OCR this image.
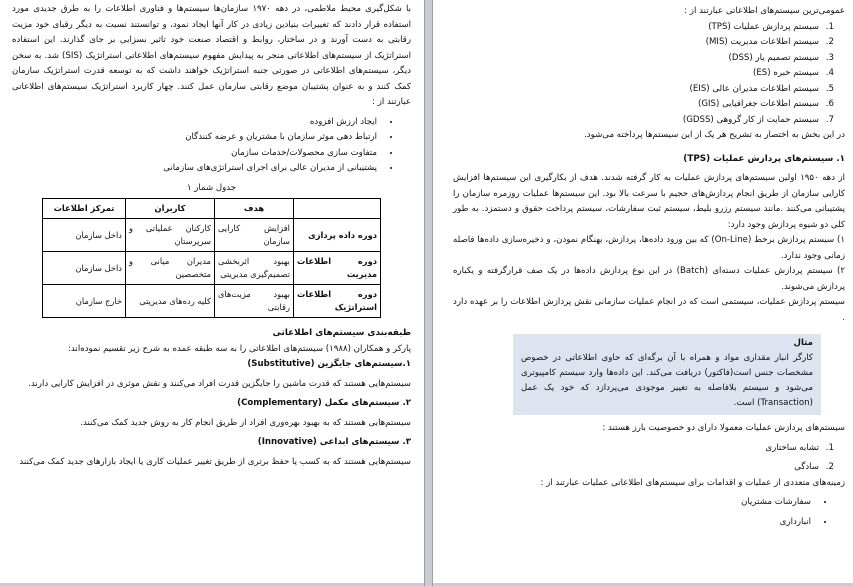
با شکل‌گیری محیط ملاطمی، در دهه ۱۹۷۰ سازمان‌ها سیستم‌ها و فناوری اطلاعات را به طرق جدیدی مورد استفاده قرار دادند که تغییرات بنیادین زیادی در کار آنها ایجاد نمود، و توانستند نسبت به دیگر رقبای خود مزیت رقابتی به دست آورند و در ساختار، روابط و اقتصاد صنعت خود تاثیر بسزایی بر جای گذارند. این استفاده استراتژیک از سیستم‌های اطلاعاتی منجر به پیدایش مفهوم سیستم‌های اطلاعاتی استراتژیک (SIS) شد. به سخن دیگر، سیستم‌های اطلاعاتی در صورتی جنبه استراتژیک خواهند داشت که به توسعه قدرت استراتژیک سازمان کمک کنند و به عنوان پشتیبان موضع رقابتی سازمان عمل کنند. چهار کاربرد استراتژیک سیستم‌های اطلاعاتی عبارتند از :

• ایجاد ارزش افزوده
• ارتباط دهی موثر سازمان با مشتریان و عرضه کنندگان
• متفاوت سازی محصولات/خدمات سازمان
• پشتیبانی از مدیران عالی برای اجرای استراتژی‌های سازمانی

جدول شمار ۱

	هدف	کاربران	تمرکز اطلاعات
دوره داده پردازی	افزایش کارایی سازمان	کارکنان عملیاتی و سرپرستان	داخل سازمان
دوره اطلاعات مدیریت	بهبود اثربخشی تصمیم‌گیری مدیریتی	مدیران میانی و متخصصین	داخل سازمان
دوره اطلاعات استراتژیک	بهبود مزیت‌های رقابتی	کلیه رده‌های مدیریتی	خارج سازمان

طبقه‌بندی سیستم‌های اطلاعاتی

پارکر و همکاران (۱۹۸۸) سیستم‌های اطلاعاتی را به سه طبقه عمده به شرح زیر تقسیم نموده‌اند:

۱.سیستم‌های جایگزین (Substitutive)

سیستم‌هایی هستند که قدرت ماشین را جایگزین قدرت افراد می‌کنند و نقش موثری در افزایش کارایی دارند.

۲. سیستم‌های مکمل (Complementary)

سیستم‌هایی هستند که به بهبود بهره‌وری افراد از طریق انجام کار به روش جدید کمک می‌کنند.

۳. سیستم‌های ابداعی (Innovative)

سیستم‌هایی هستند که به کسب یا حفظ برتری از طریق تغییر عملیات کاری یا ایجاد بازارهای جدید کمک می‌کنند

عمومی‌ترین سیستم‌های اطلاعاتی عبارتند از :

1. سیستم پردازش عملیات (TPS)
2. سیستم اطلاعات مدیریت (MIS)
3. سیستم تصمیم یار (DSS)
4. سیستم خبره (ES)
5. سیستم اطلاعات مدیران عالی (EIS)
6. سیستم اطلاعات جغرافیایی (GIS)
7. سیستم حمایت از کار گروهی (GDSS)

در این بخش به اختصار به تشریح هر یک از این سیستم‌ها پرداخته می‌شود.

۱. سیستم‌های پردازش عملیات (TPS)

از دهه ۱۹۵۰ اولین سیستم‌های پردازش عملیات به کار گرفته شدند. هدف از بکارگیری این سیستم‌ها افزایش کارایی سازمان از طریق انجام پردازش‌های حجیم با سرعت بالا بود. این سیستم‌ها عملیات روزمره سازمان را پشتیبانی می‌کنند .مانند سیستم رزرو بلیط، سیستم ثبت سفارشات، سیستم پرداخت حقوق و دستمزد. به طور کلی دو شیوه پردازش وجود دارد:

۱) سیستم پردازش برخط (On-Line) که بین ورود داده‌ها، پردازش، بهنگام نمودن، و ذخیره‌سازی داده‌ها فاصله زمانی وجود ندارد.

۲) سیستم پردازش عملیات دسته‌ای (Batch) در این نوع پردازش داده‌ها در یک صف قرارگرفته و یکباره پردازش می‌شوند.

سیستم پردازش عملیات، سیستمی است که در انجام عملیات سازمانی نقش پردازش اطلاعات را بر عهده دارد .

مثال

کارگر انبار مقداری مواد و همراه با آن برگه‌ای که حاوی اطلاعاتی در خصوص مشخصات جنس است(فاکتور) دریافت می‌کند. این داده‌ها وارد سیستم کامپیوتری می‌شود و سیستم بلافاصله به تغییر موجودی می‌پردازد که خود یک عمل (Transaction) است.

سیستم‌های پردازش عملیات معمولا دارای دو خصوصیت بارز هستند :

1. تشابه ساختاری
2. سادگی

زمینه‌های متعددی از عملیات و اقدامات برای سیستم‌های اطلاعاتی عملیات عبارتند از :

• سفارشات مشتریان
• انبارداری
